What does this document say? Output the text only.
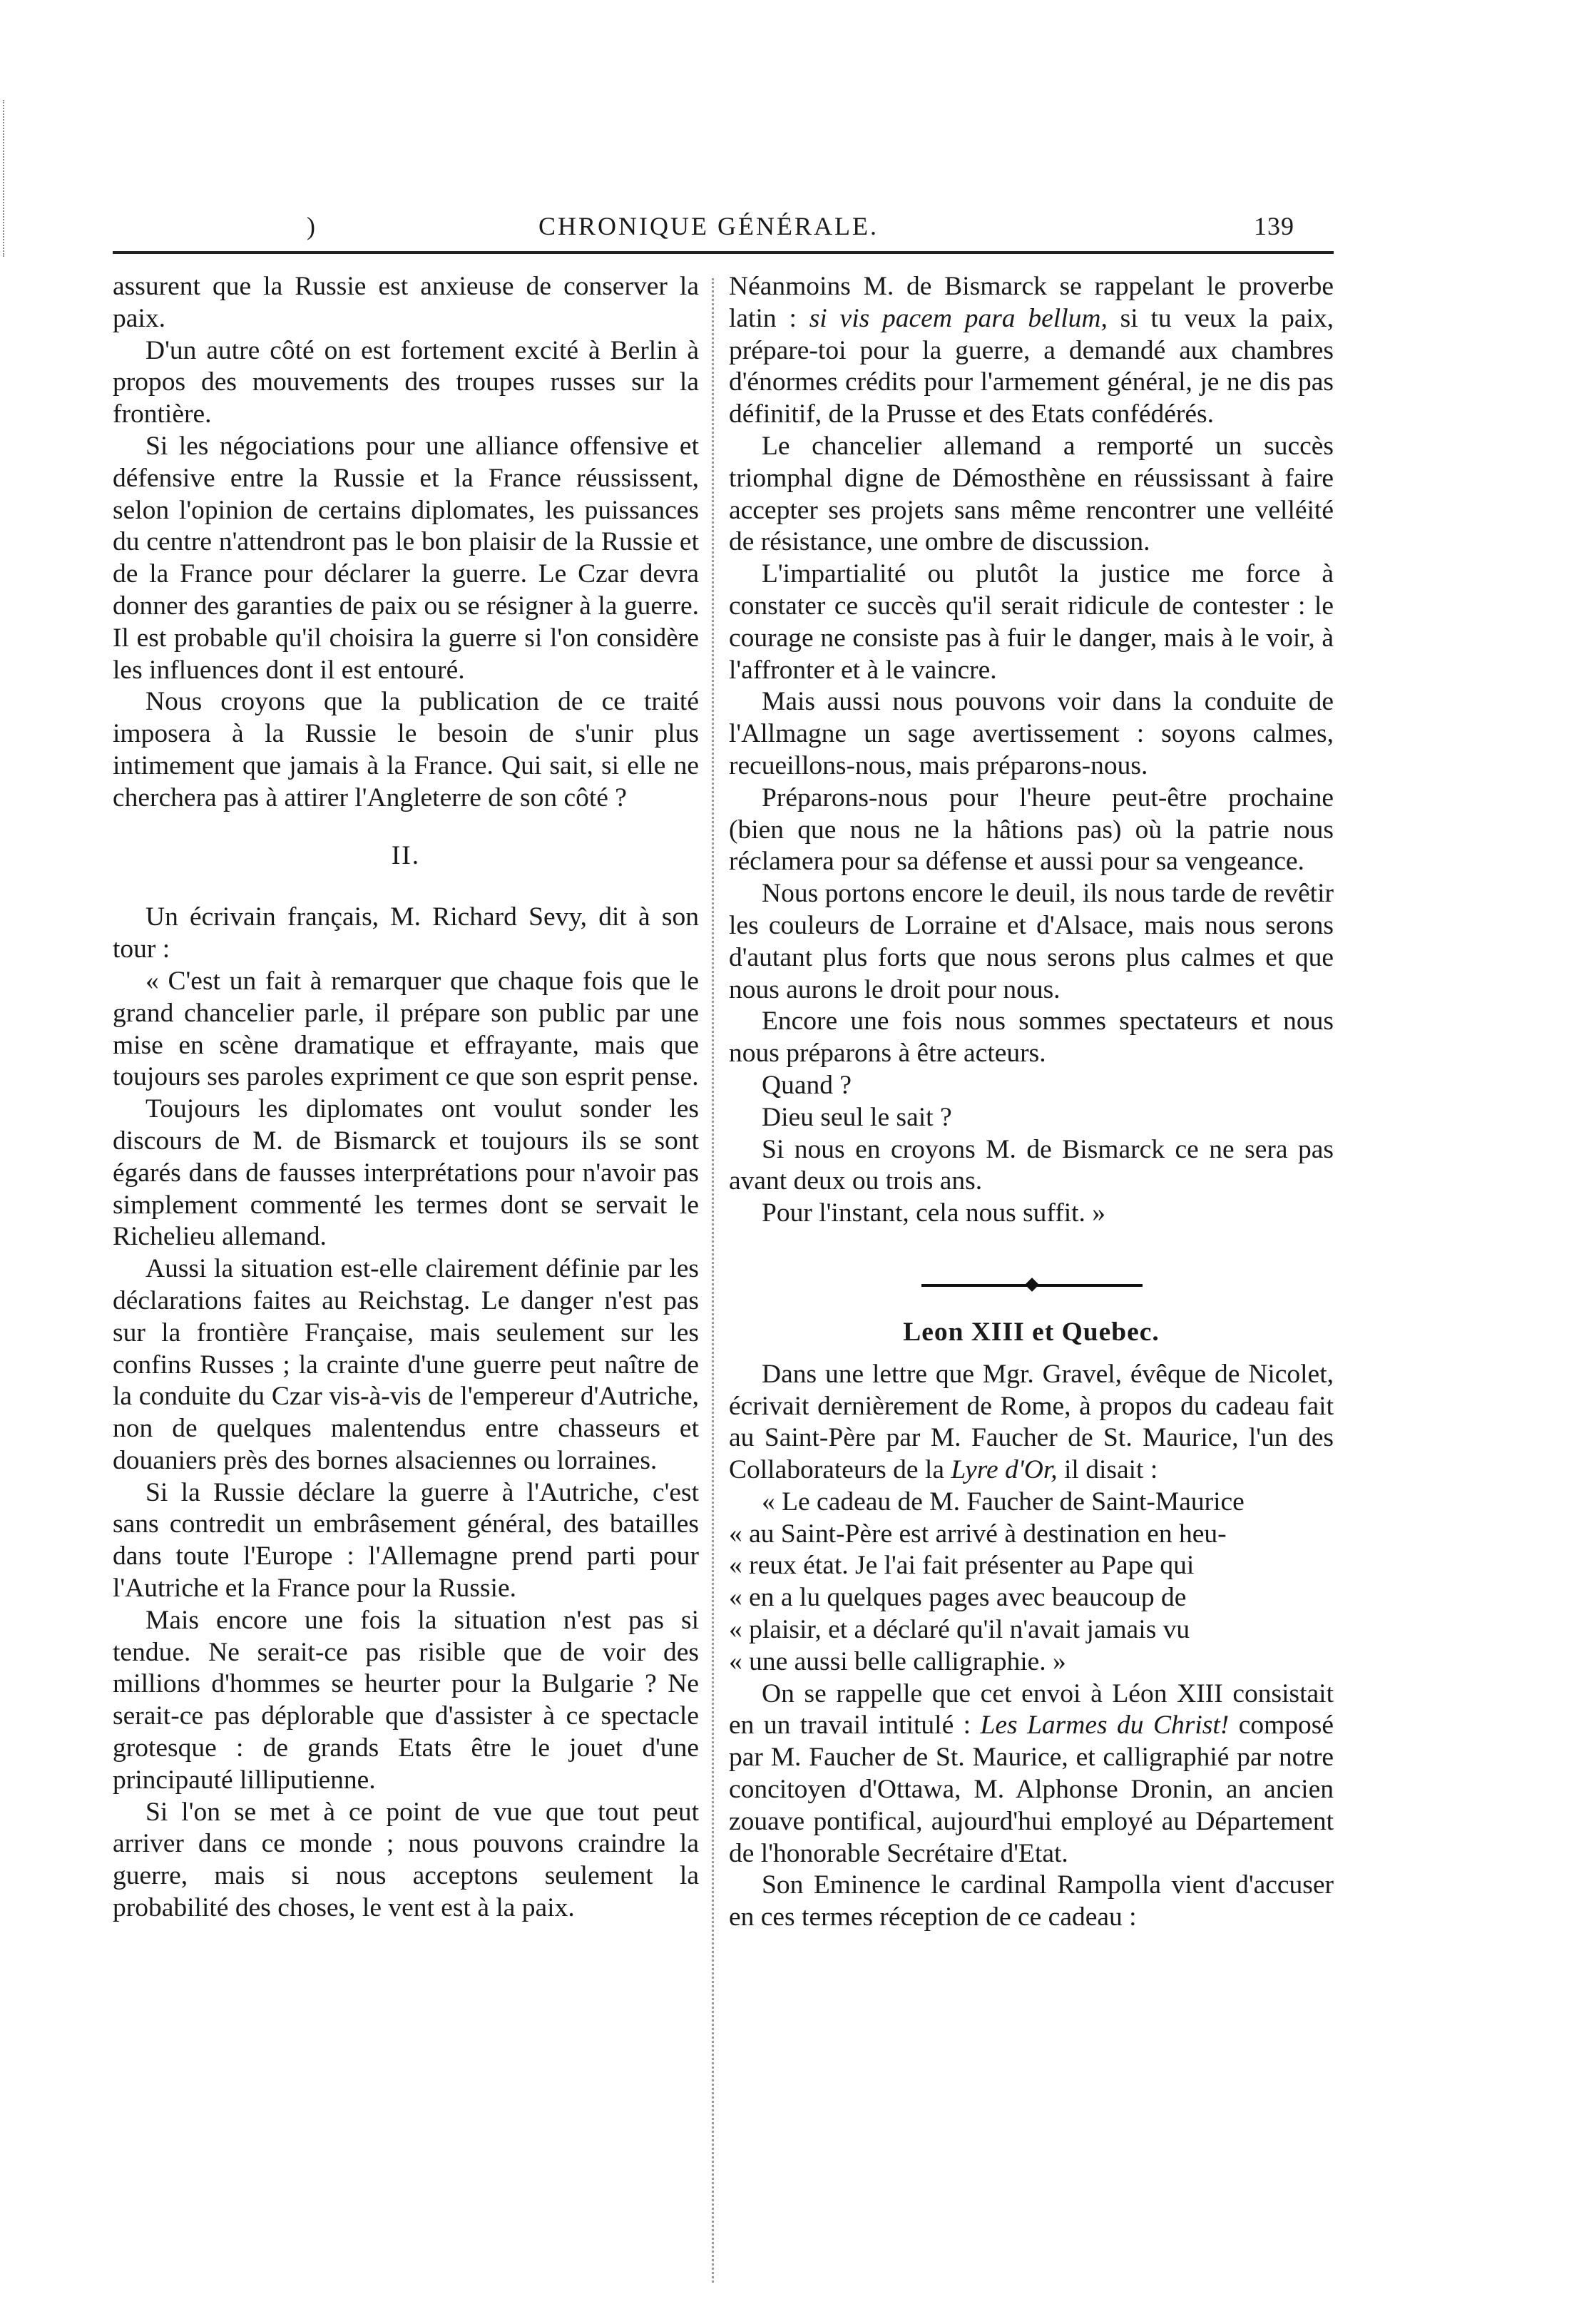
)	CHRONIQUE GÉNÉRALE.	139

assurent que la Russie est anxieuse de conserver la paix.

D'un autre côté on est fortement excité à Berlin à propos des mouvements des troupes russes sur la frontière.

Si les négociations pour une alliance offensive et défensive entre la Russie et la France réussissent, selon l'opinion de certains diplomates, les puissances du centre n'attendront pas le bon plaisir de la Russie et de la France pour déclarer la guerre. Le Czar devra donner des garanties de paix ou se résigner à la guerre. Il est probable qu'il choisira la guerre si l'on considère les influences dont il est entouré.

Nous croyons que la publication de ce traité imposera à la Russie le besoin de s'unir plus intimement que jamais à la France. Qui sait, si elle ne cherchera pas à attirer l'Angleterre de son côté ?

II.

Un écrivain français, M. Richard Sevy, dit à son tour :

« C'est un fait à remarquer que chaque fois que le grand chancelier parle, il prépare son public par une mise en scène dramatique et effrayante, mais que toujours ses paroles expriment ce que son esprit pense.

Toujours les diplomates ont voulut sonder les discours de M. de Bismarck et toujours ils se sont égarés dans de fausses interprétations pour n'avoir pas simplement commenté les termes dont se servait le Richelieu allemand.

Aussi la situation est-elle clairement définie par les déclarations faites au Reichstag. Le danger n'est pas sur la frontière Française, mais seulement sur les confins Russes ; la crainte d'une guerre peut naître de la conduite du Czar vis-à-vis de l'empereur d'Autriche, non de quelques malentendus entre chasseurs et douaniers près des bornes alsaciennes ou lorraines.

Si la Russie déclare la guerre à l'Autriche, c'est sans contredit un embrâsement général, des batailles dans toute l'Europe : l'Allemagne prend parti pour l'Autriche et la France pour la Russie.

Mais encore une fois la situation n'est pas si tendue. Ne serait-ce pas risible que de voir des millions d'hommes se heurter pour la Bulgarie ? Ne serait-ce pas déplorable que d'assister à ce spectacle grotesque : de grands Etats être le jouet d'une principauté lilliputienne.

Si l'on se met à ce point de vue que tout peut arriver dans ce monde ; nous pouvons craindre la guerre, mais si nous acceptons seulement la probabilité des choses, le vent est à la paix.

Néanmoins M. de Bismarck se rappelant le proverbe latin : si vis pacem para bellum, si tu veux la paix, prépare-toi pour la guerre, a demandé aux chambres d'énormes crédits pour l'armement général, je ne dis pas définitif, de la Prusse et des Etats confédérés.

Le chancelier allemand a remporté un succès triomphal digne de Démosthène en réussissant à faire accepter ses projets sans même rencontrer une velléité de résistance, une ombre de discussion.

L'impartialité ou plutôt la justice me force à constater ce succès qu'il serait ridicule de contester : le courage ne consiste pas à fuir le danger, mais à le voir, à l'affronter et à le vaincre.

Mais aussi nous pouvons voir dans la conduite de l'Allmagne un sage avertissement : soyons calmes, recueillons-nous, mais préparons-nous.

Préparons-nous pour l'heure peut-être prochaine (bien que nous ne la hâtions pas) où la patrie nous réclamera pour sa défense et aussi pour sa vengeance.

Nous portons encore le deuil, ils nous tarde de revêtir les couleurs de Lorraine et d'Alsace, mais nous serons d'autant plus forts que nous serons plus calmes et que nous aurons le droit pour nous.

Encore une fois nous sommes spectateurs et nous nous préparons à être acteurs.

Quand ?

Dieu seul le sait ?

Si nous en croyons M. de Bismarck ce ne sera pas avant deux ou trois ans.

Pour l'instant, cela nous suffit. »

Leon XIII et Quebec.

Dans une lettre que Mgr. Gravel, évêque de Nicolet, écrivait dernièrement de Rome, à propos du cadeau fait au Saint-Père par M. Faucher de St. Maurice, l'un des Collaborateurs de la Lyre d'Or, il disait :

« Le cadeau de M. Faucher de Saint-Maurice

« au Saint-Père est arrivé à destination en heu-

« reux état. Je l'ai fait présenter au Pape qui

« en a lu quelques pages avec beaucoup de

« plaisir, et a déclaré qu'il n'avait jamais vu

« une aussi belle calligraphie. »

On se rappelle que cet envoi à Léon XIII consistait en un travail intitulé : Les Larmes du Christ! composé par M. Faucher de St. Maurice, et calligraphié par notre concitoyen d'Ottawa, M. Alphonse Dronin, an ancien zouave pontifical, aujourd'hui employé au Département de l'honorable Secrétaire d'Etat.

Son Eminence le cardinal Rampolla vient d'accuser en ces termes réception de ce cadeau :
